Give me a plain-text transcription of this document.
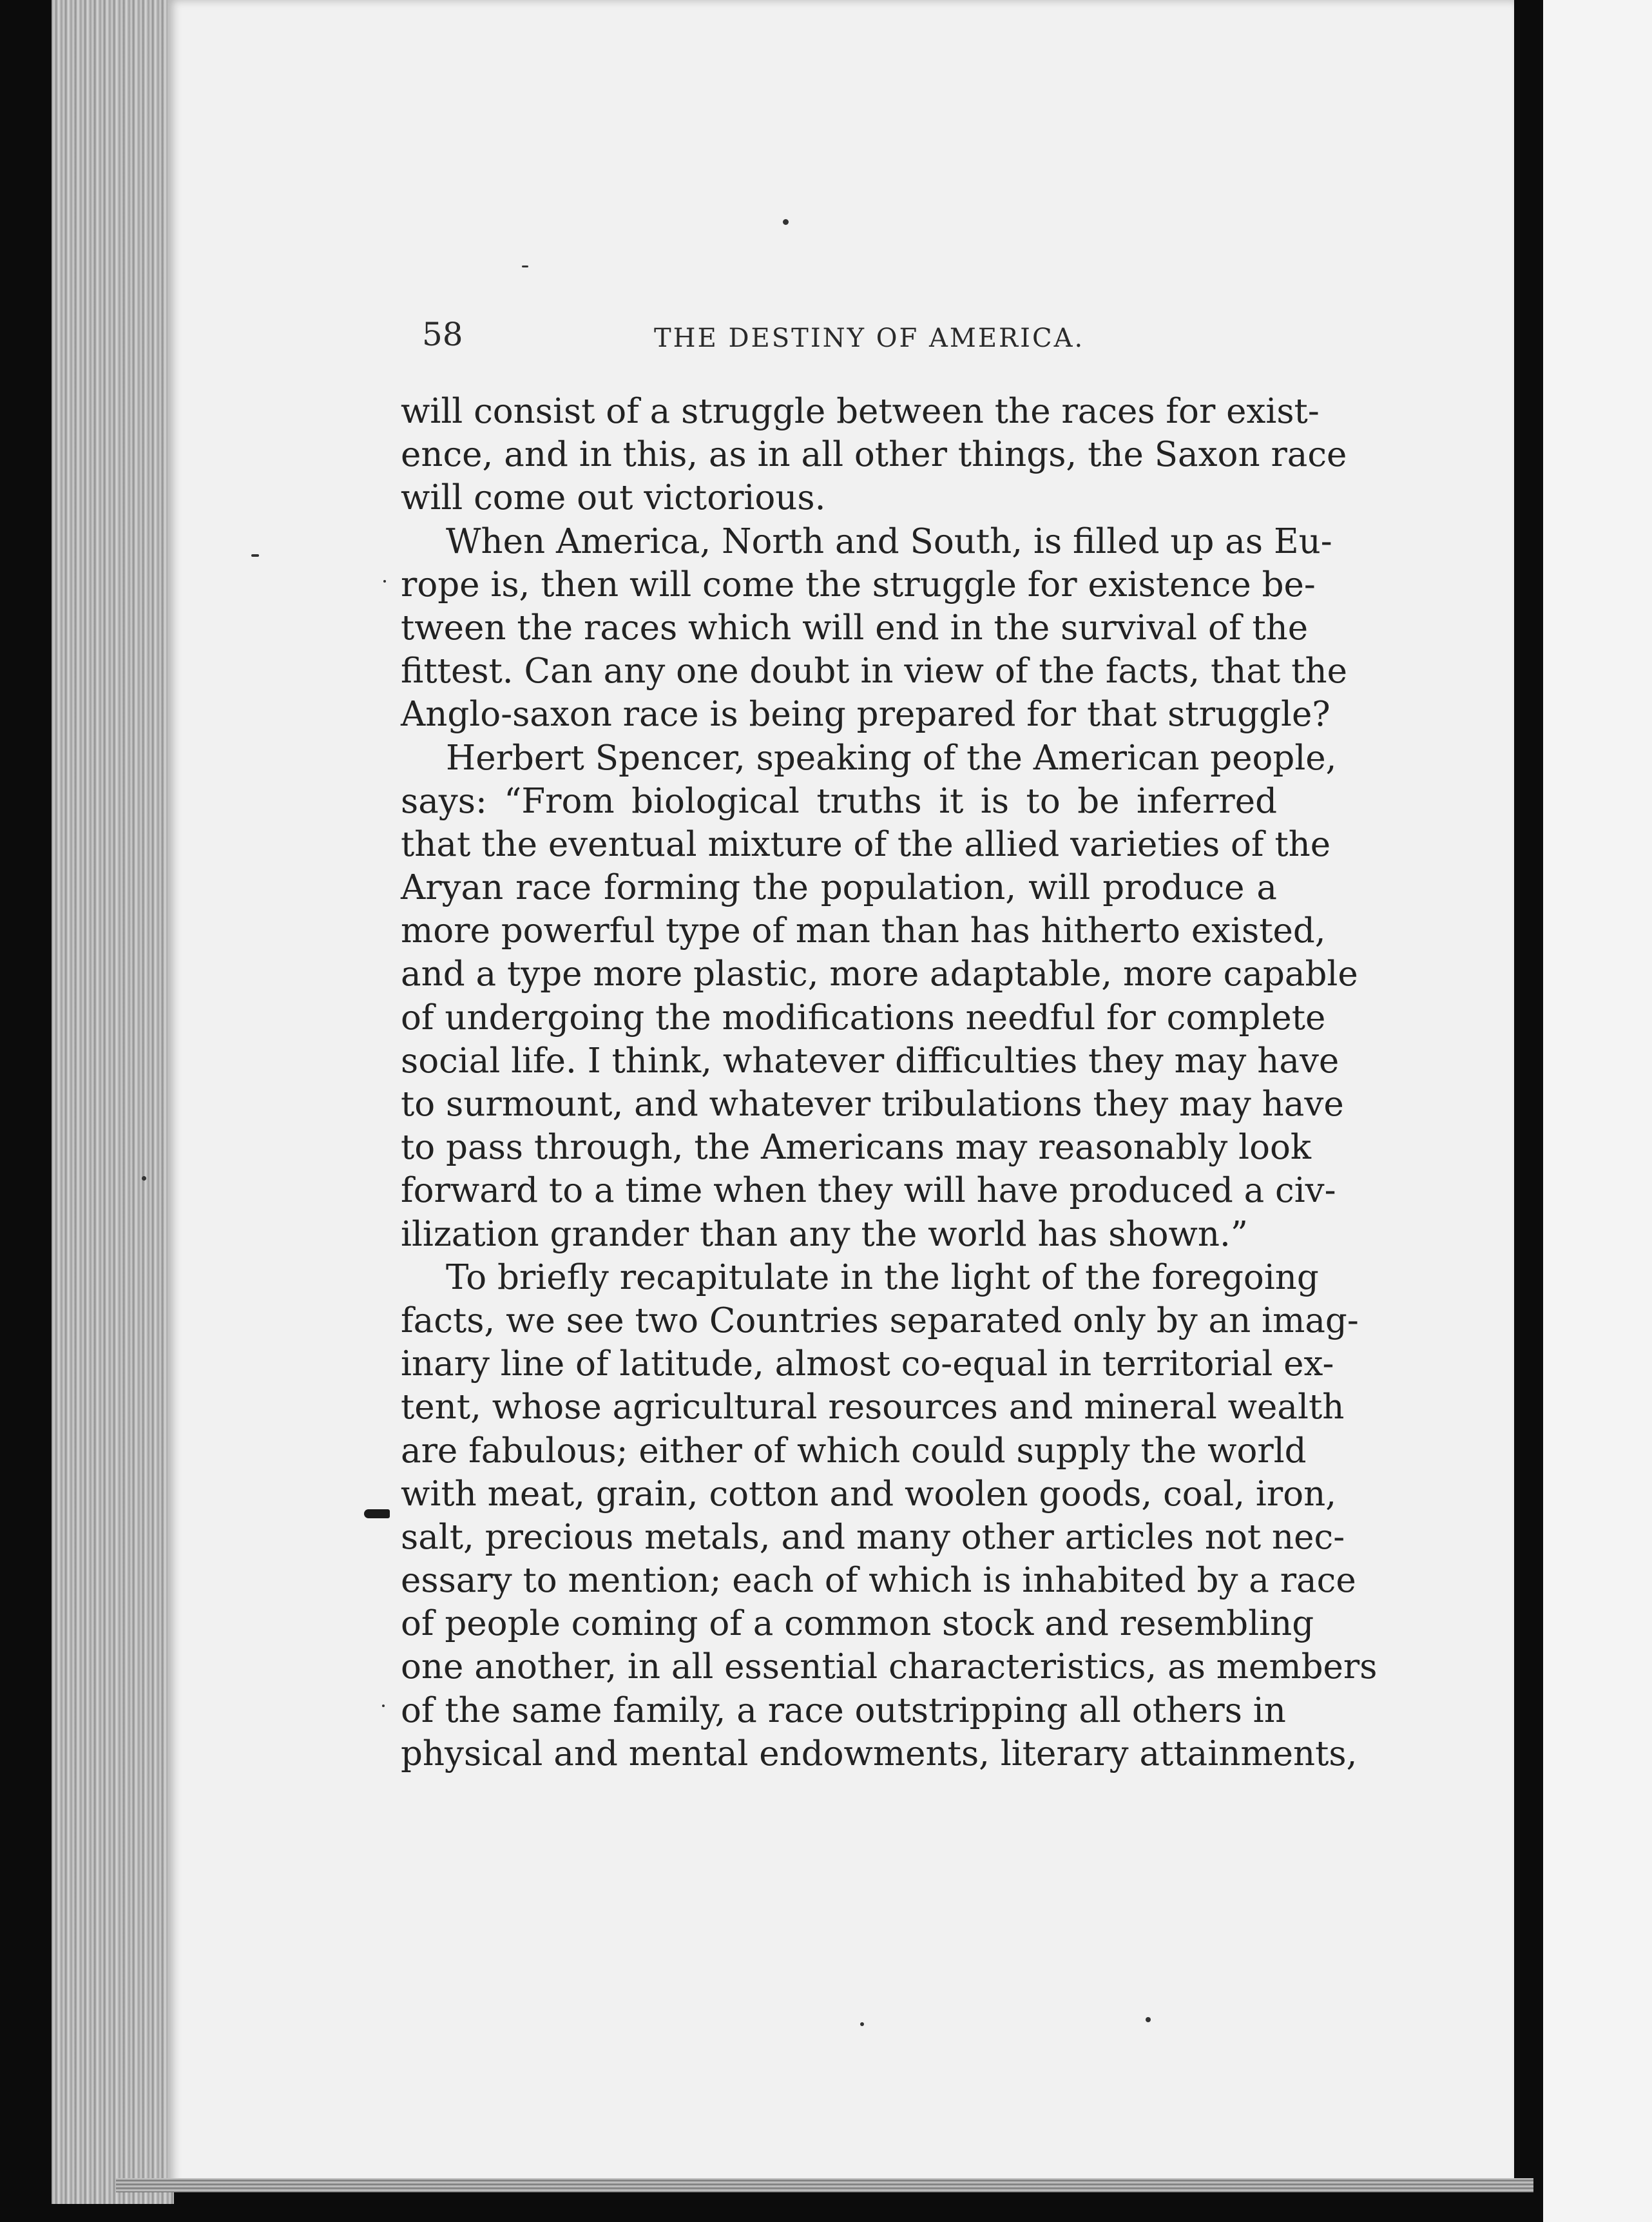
58	THE DESTINY OF AMERICA.
will consist of a struggle between the races for exist-
ence, and in this, as in all other things, the Saxon race
will come out victorious.
When America, North and South, is filled up as Eu-
rope is, then will come the struggle for existence be-
tween the races which will end in the survival of the
fittest. Can any one doubt in view of the facts, that the
Anglo-saxon race is being prepared for that struggle?
Herbert Spencer, speaking of the American people,
says: “From biological truths it is to be inferred
that the eventual mixture of the allied varieties of the
Aryan race forming the population, will produce a
more powerful type of man than has hitherto existed,
and a type more plastic, more adaptable, more capable
of undergoing the modifications needful for complete
social life. I think, whatever difficulties they may have
to surmount, and whatever tribulations they may have
to pass through, the Americans may reasonably look
forward to a time when they will have produced a civ-
ilization grander than any the world has shown.”
To briefly recapitulate in the light of the foregoing
facts, we see two Countries separated only by an imag-
inary line of latitude, almost co-equal in territorial ex-
tent, whose agricultural resources and mineral wealth
are fabulous; either of which could supply the world
with meat, grain, cotton and woolen goods, coal, iron,
salt, precious metals, and many other articles not nec-
essary to mention; each of which is inhabited by a race
of people coming of a common stock and resembling
one another, in all essential characteristics, as members
of the same family, a race outstripping all others in
physical and mental endowments, literary attainments,
